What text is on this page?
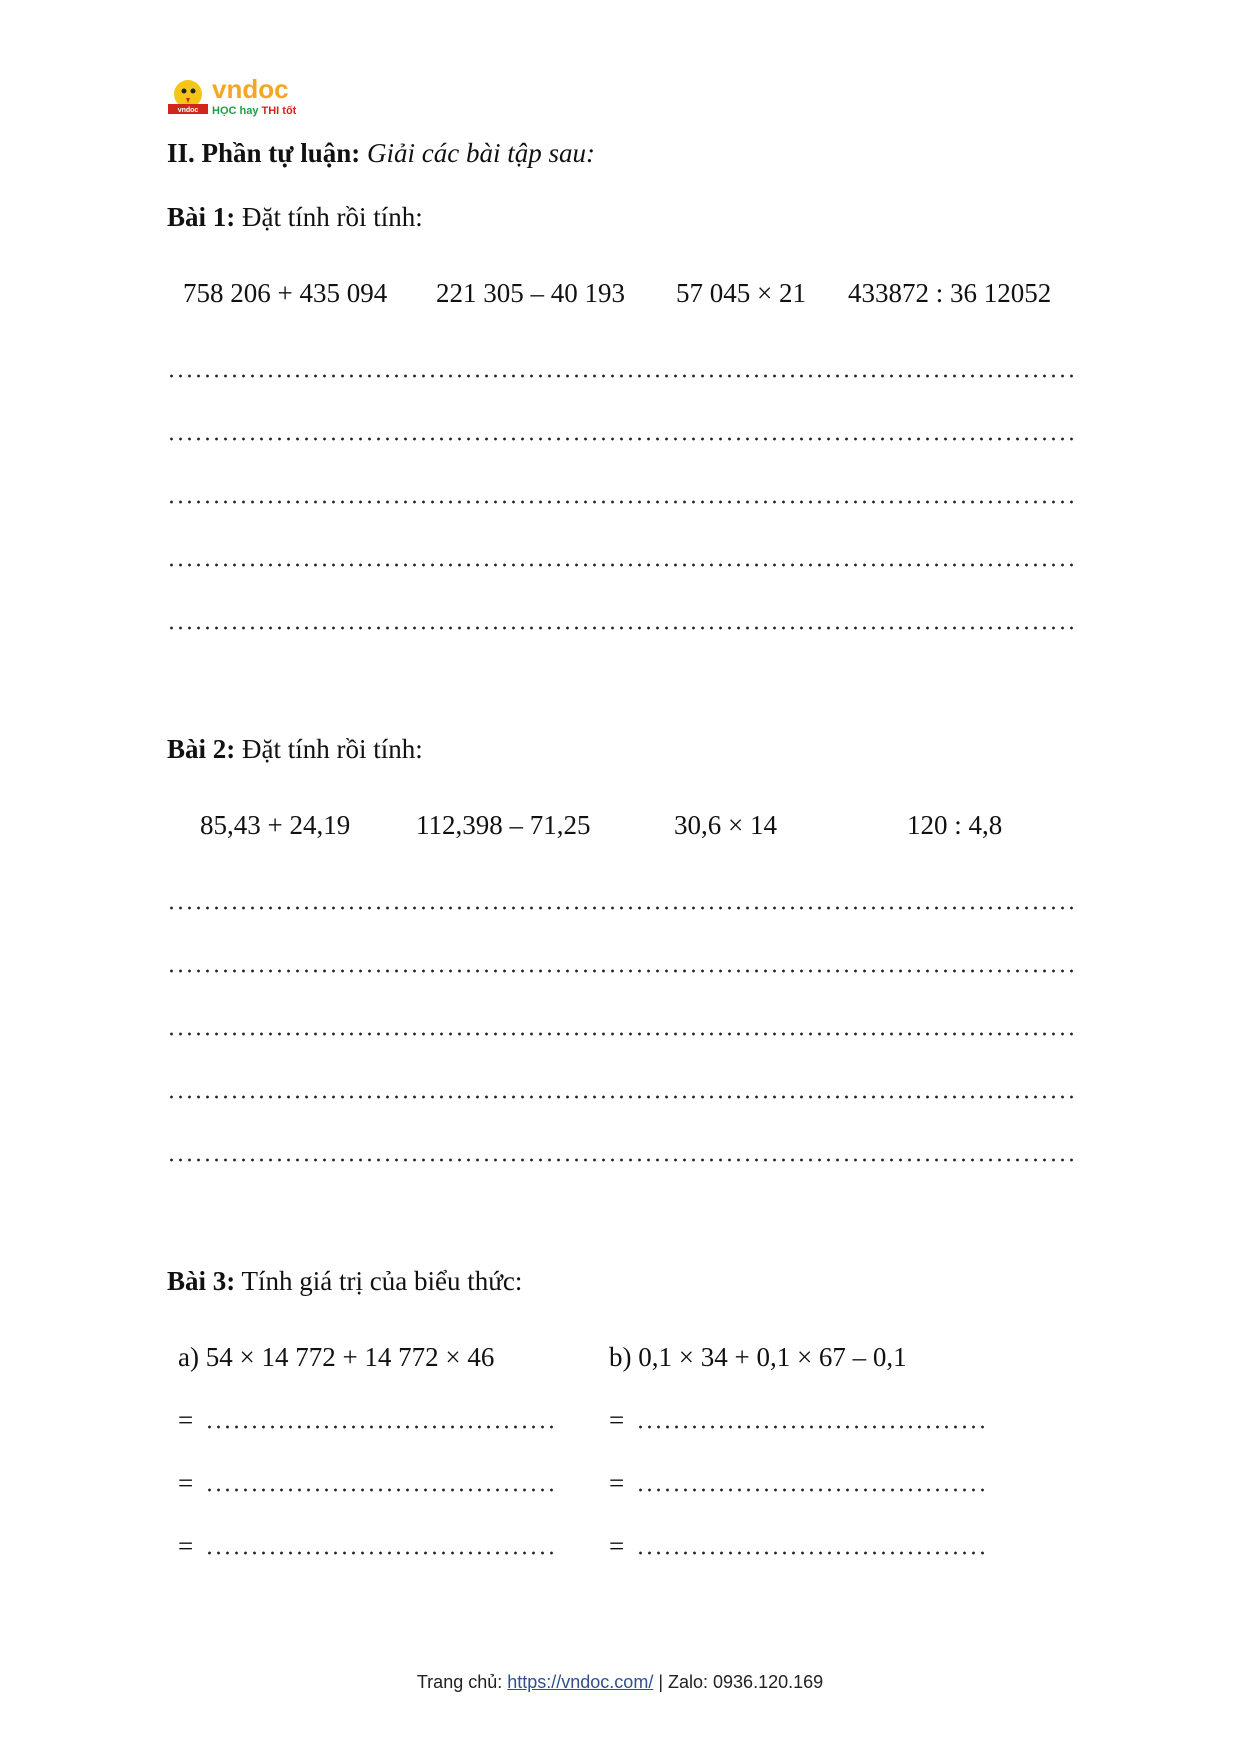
vndoc
vndoc
HỌC hay THI tốt
II. Phần tự luận: Giải các bài tập sau:
Bài 1: Đặt tính rồi tính:
758 206 + 435 094 221 305 – 40 193 57 045 × 21 433872 : 36 12052
Bài 2: Đặt tính rồi tính:
85,43 + 24,19 112,398 – 71,25	30,6 × 14	120 : 4,8
Bài 3: Tính giá trị của biểu thức:
a) 54 × 14 772 + 14 772 × 46	b) 0,1 × 34 + 0,1 × 67 – 0,1
=	=
=	=
=	=
Trang chủ: https://vndoc.com/ | Zalo: 0936.120.169
